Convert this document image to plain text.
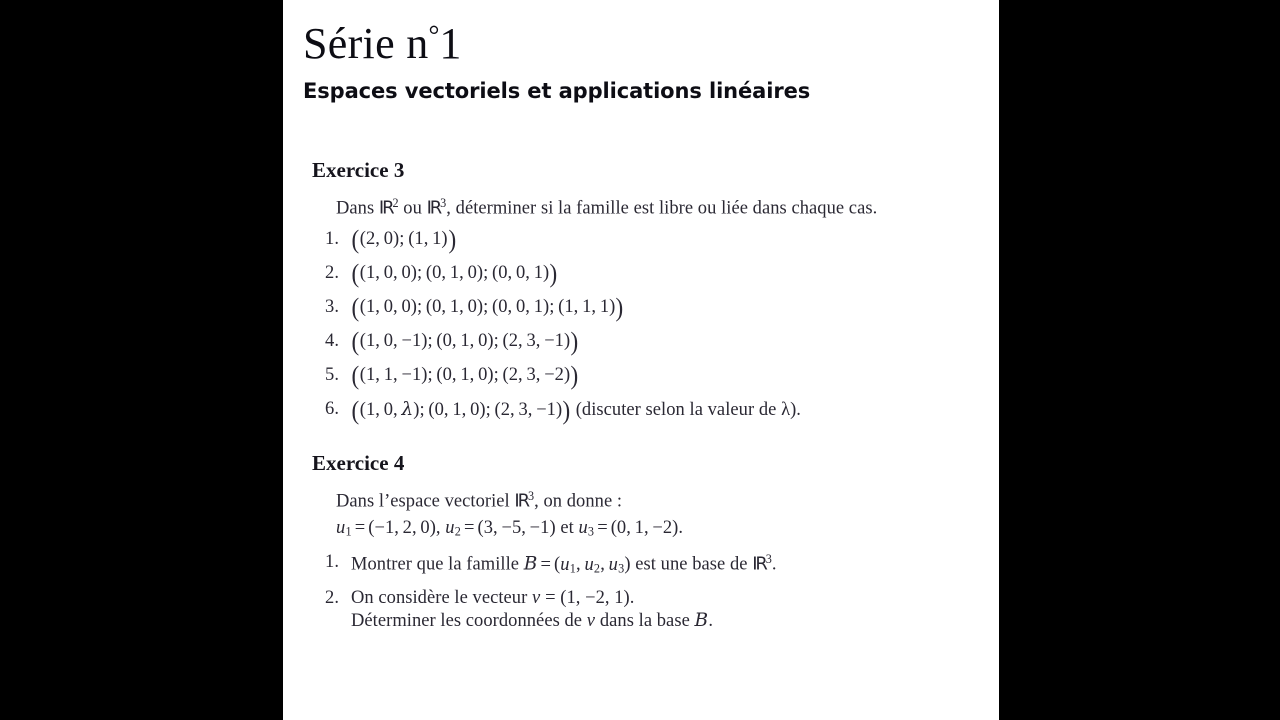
Série n°1
Espaces vectoriels et applications linéaires
Exercice 3

Dans $IR^2$ ou $IR^3$, déterminer si la famille est libre ou liée dans chaque cas.

1. ((2, 0); (1, 1))
2. ((1, 0, 0); (0, 1, 0); (0, 0, 1))
3. ((1, 0, 0); (0, 1, 0); (0, 0, 1); (1, 1, 1))
4. ((1, 0, −1); (0, 1, 0); (2, 3, −1))
5. ((1, 1, −1); (0, 1, 0); (2, 3, −2))
6. ((1, 0, λ); (0, 1, 0); (2, 3, −1)) (discuter selon la valeur de λ).
Exercice 4

Dans l’espace vectoriel $IR^3$, on donne :

$u_1 = (-1$, 2, 0), $u_2 = (3$, −5, −1) et $u_3 = (0$, 1, −2).

1. Montrer que la famille $B = (u_1$, $u_2$, $u_3$) est une base de $IR^3$.
2. On considère le vecteur v = (1, −2, 1).
Déterminer les coordonnées de v dans la base B.
